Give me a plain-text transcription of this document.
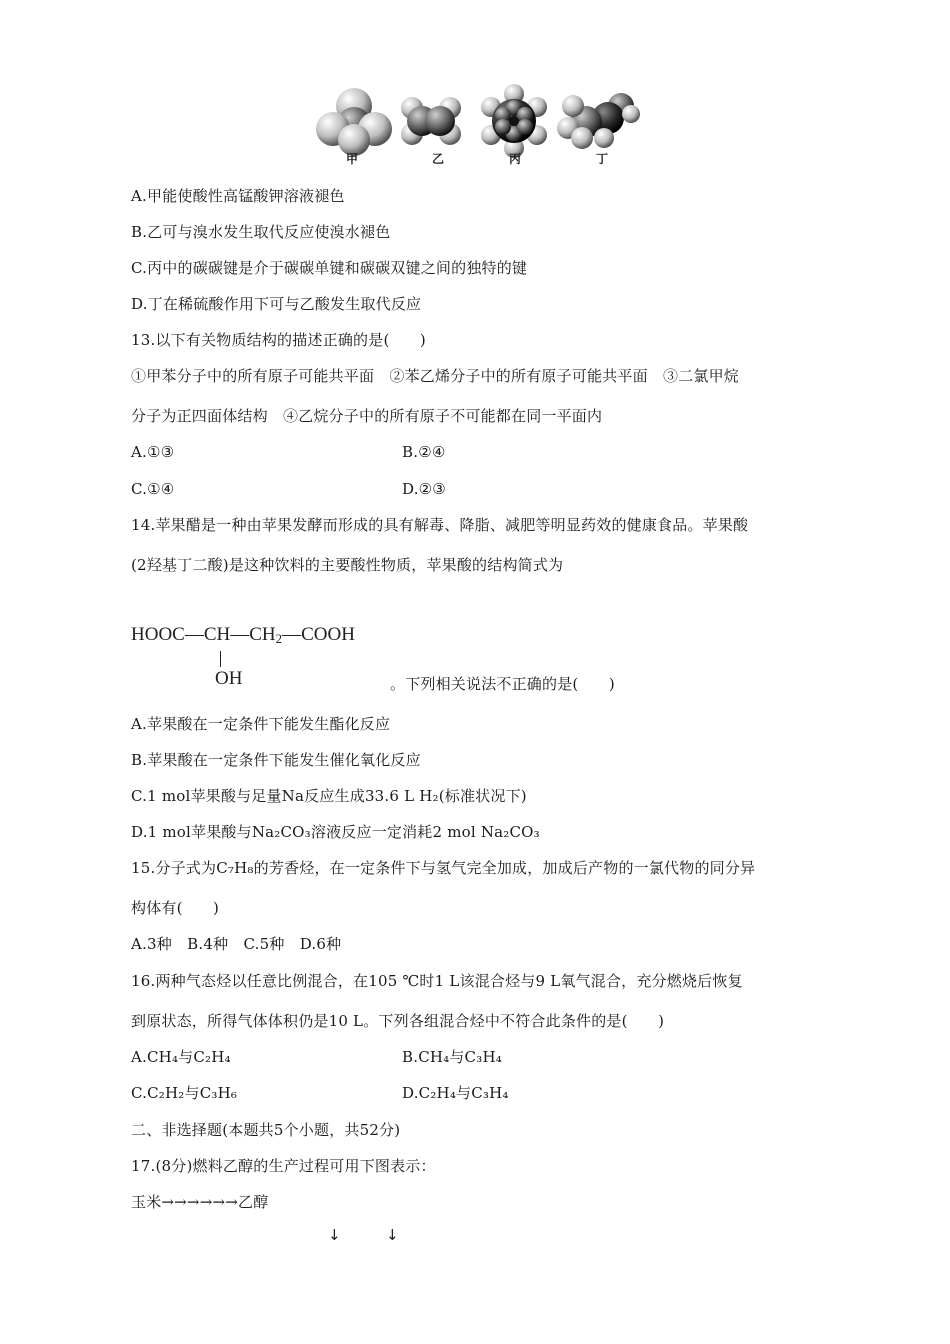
甲	乙	丙	丁
A.甲能使酸性高锰酸钾溶液褪色
B.乙可与溴水发生取代反应使溴水褪色
C.丙中的碳碳键是介于碳碳单键和碳碳双键之间的独特的键
D.丁在稀硫酸作用下可与乙酸发生取代反应
13.以下有关物质结构的描述正确的是(　　)
①甲苯分子中的所有原子可能共平面　②苯乙烯分子中的所有原子可能共平面　③二氯甲烷
分子为正四面体结构　④乙烷分子中的所有原子不可能都在同一平面内
A.①③	B.②④
C.①④	D.②③
14.苹果醋是一种由苹果发酵而形成的具有解毒、降脂、减肥等明显药效的健康食品。苹果酸
(2羟基丁二酸)是这种饮料的主要酸性物质，苹果酸的结构简式为
$HOOC—CH—CH_2—COOH$
OH	。下列相关说法不正确的是(　　)
A.苹果酸在一定条件下能发生酯化反应
B.苹果酸在一定条件下能发生催化氧化反应
C.1 mol苹果酸与足量Na反应生成33.6 L H₂(标准状况下)
D.1 mol苹果酸与Na₂CO₃溶液反应一定消耗2 mol Na₂CO₃
15.分子式为C₇H₈的芳香烃，在一定条件下与氢气完全加成，加成后产物的一氯代物的同分异
构体有(　　)
A.3种　B.4种　C.5种　D.6种
16.两种气态烃以任意比例混合，在105 ℃时1 L该混合烃与9 L氧气混合，充分燃烧后恢复
到原状态，所得气体体积仍是10 L。下列各组混合烃中不符合此条件的是(　　)
A.CH₄与C₂H₄	B.CH₄与C₃H₄
C.C₂H₂与C₃H₆	D.C₂H₄与C₃H₄
二、非选择题(本题共5个小题，共52分)
17.(8分)燃料乙醇的生产过程可用下图表示：
玉米→→→→→→乙醇
↓	↓
